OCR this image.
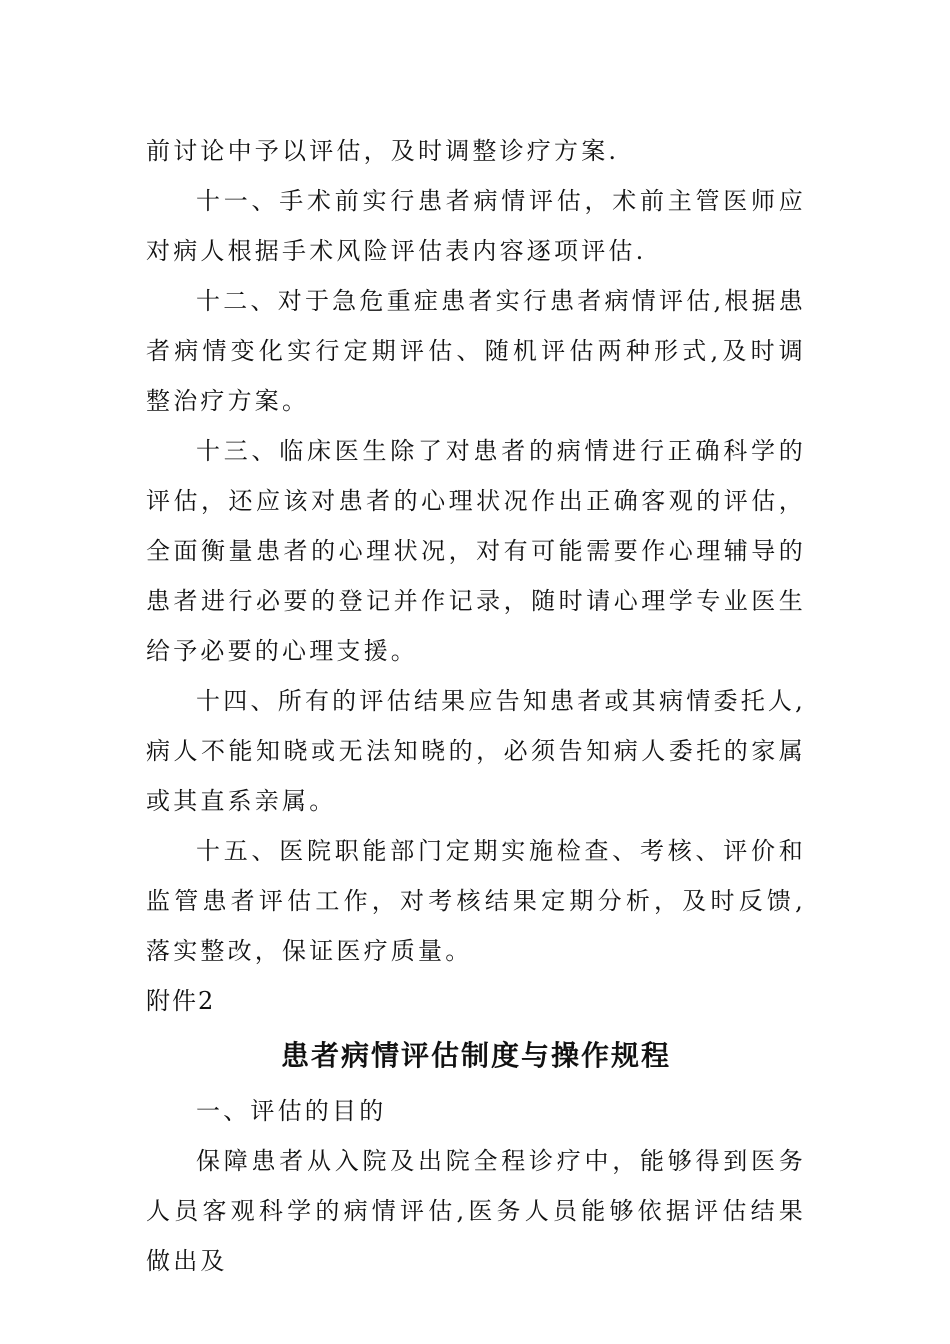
前讨论中予以评估，及时调整诊疗方案.

十一、手术前实行患者病情评估，术前主管医师应对病人根据手术风险评估表内容逐项评估.

十二、对于急危重症患者实行患者病情评估,根据患者病情变化实行定期评估、随机评估两种形式,及时调整治疗方案。

十三、临床医生除了对患者的病情进行正确科学的评估，还应该对患者的心理状况作出正确客观的评估，全面衡量患者的心理状况，对有可能需要作心理辅导的患者进行必要的登记并作记录，随时请心理学专业医生给予必要的心理支援。

十四、所有的评估结果应告知患者或其病情委托人,病人不能知晓或无法知晓的，必须告知病人委托的家属或其直系亲属。

十五、医院职能部门定期实施检查、考核、评价和监管患者评估工作，对考核结果定期分析，及时反馈,落实整改，保证医疗质量。

附件2

患者病情评估制度与操作规程

一、评估的目的

保障患者从入院及出院全程诊疗中，能够得到医务人员客观科学的病情评估,医务人员能够依据评估结果做出及
